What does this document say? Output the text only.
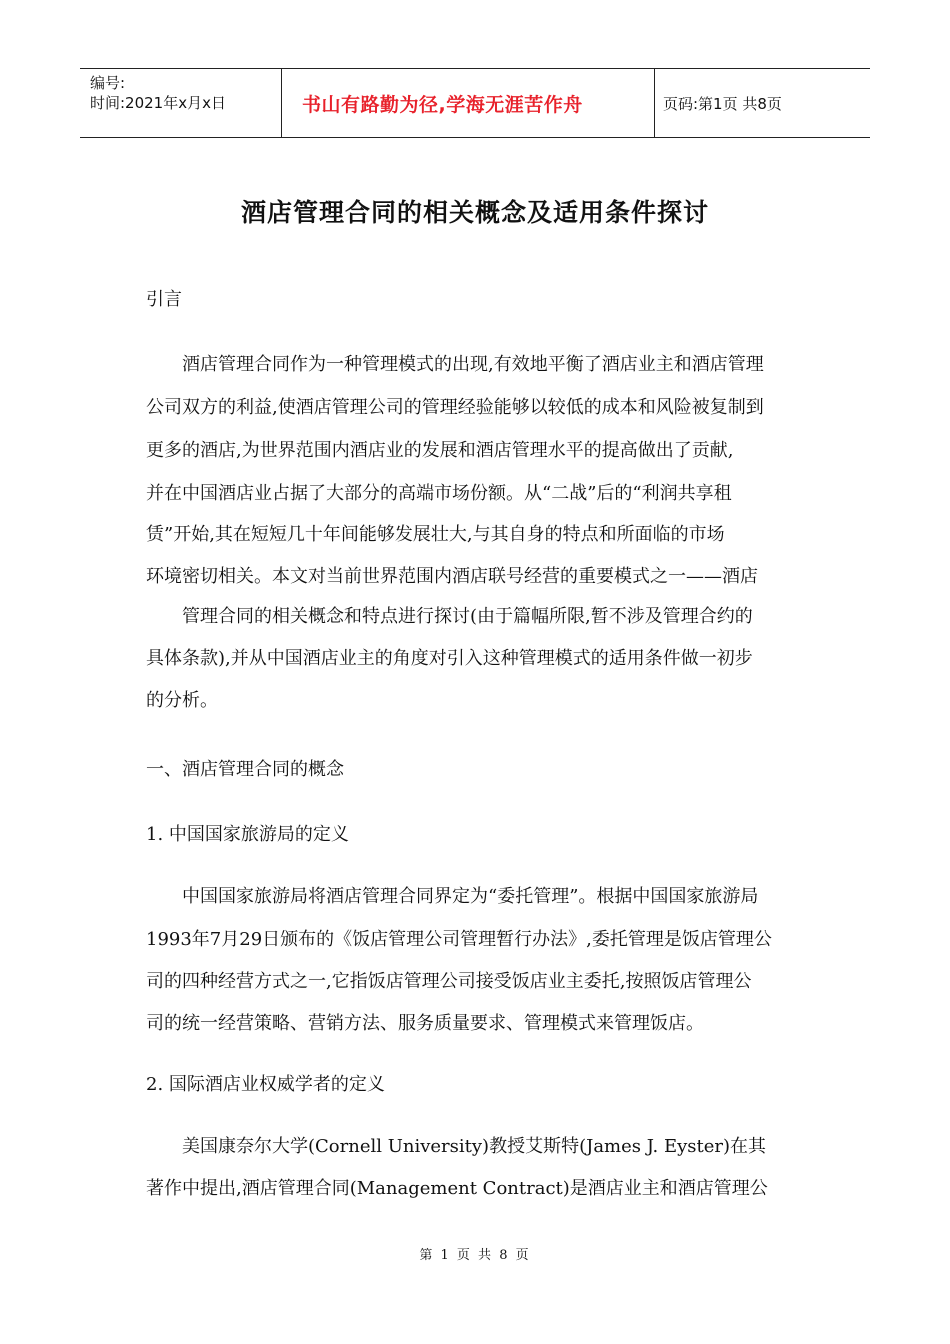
编号:
时间:2021年x月x日	书山有路勤为径,学海无涯苦作舟	页码:第1页 共8页
酒店管理合同的相关概念及适用条件探讨
引言
酒店管理合同作为一种管理模式的出现,有效地平衡了酒店业主和酒店管理
公司双方的利益,使酒店管理公司的管理经验能够以较低的成本和风险被复制到
更多的酒店,为世界范围内酒店业的发展和酒店管理水平的提高做出了贡献,
并在中国酒店业占据了大部分的高端市场份额。从“二战”后的“利润共享租
赁”开始,其在短短几十年间能够发展壮大,与其自身的特点和所面临的市场
环境密切相关。本文对当前世界范围内酒店联号经营的重要模式之一——酒店
管理合同的相关概念和特点进行探讨(由于篇幅所限,暂不涉及管理合约的
具体条款),并从中国酒店业主的角度对引入这种管理模式的适用条件做一初步
的分析。
一、酒店管理合同的概念
1. 中国国家旅游局的定义
中国国家旅游局将酒店管理合同界定为“委托管理”。根据中国国家旅游局
1993年7月29日颁布的《饭店管理公司管理暂行办法》,委托管理是饭店管理公
司的四种经营方式之一,它指饭店管理公司接受饭店业主委托,按照饭店管理公
司的统一经营策略、营销方法、服务质量要求、管理模式来管理饭店。
2. 国际酒店业权威学者的定义
美国康奈尔大学(Cornell University)教授艾斯特(James J. Eyster)在其
著作中提出,酒店管理合同(Management Contract)是酒店业主和酒店管理公
第 1 页 共 8 页
